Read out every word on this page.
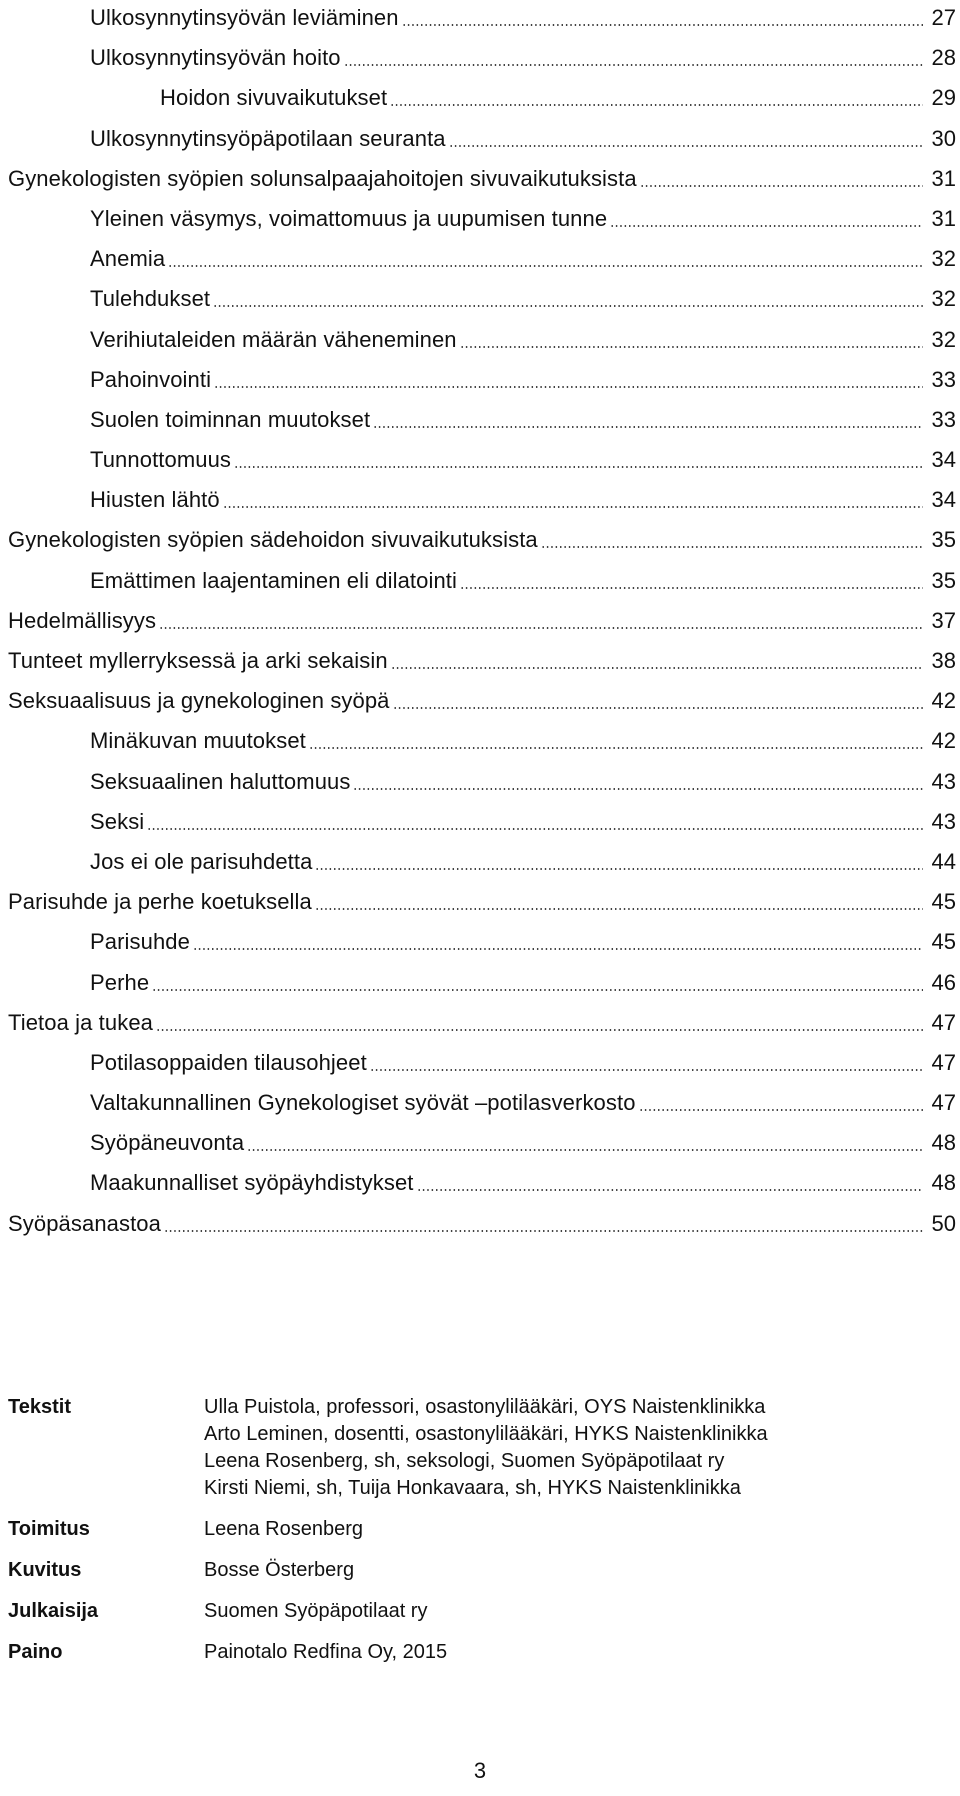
Ulkosynnytinsyövän leviäminen	27
Ulkosynnytinsyövän hoito	28
Hoidon sivuvaikutukset	29
Ulkosynnytinsyöpäpotilaan seuranta	30
Gynekologisten syöpien solunsalpaajahoitojen sivuvaikutuksista	31
Yleinen väsymys, voimattomuus ja uupumisen tunne	31
Anemia	32
Tulehdukset	32
Verihiutaleiden määrän väheneminen	32
Pahoinvointi	33
Suolen toiminnan muutokset	33
Tunnottomuus	34
Hiusten lähtö	34
Gynekologisten syöpien sädehoidon sivuvaikutuksista	35
Emättimen laajentaminen eli dilatointi	35
Hedelmällisyys	37
Tunteet myllerryksessä ja arki sekaisin	38
Seksuaalisuus ja gynekologinen syöpä	42
Minäkuvan muutokset	42
Seksuaalinen haluttomuus	43
Seksi	43
Jos ei ole parisuhdetta	44
Parisuhde ja perhe koetuksella	45
Parisuhde	45
Perhe	46
Tietoa ja tukea	47
Potilasoppaiden tilausohjeet	47
Valtakunnallinen Gynekologiset syövät –potilasverkosto	47
Syöpäneuvonta	48
Maakunnalliset syöpäyhdistykset	48
Syöpäsanastoa	50
Tekstit	Ulla Puistola, professori, osastonylilääkäri, OYS Naistenklinikka
Arto Leminen, dosentti, osastonylilääkäri, HYKS Naistenklinikka
Leena Rosenberg, sh, seksologi, Suomen Syöpäpotilaat ry
Kirsti Niemi, sh, Tuija Honkavaara, sh, HYKS Naistenklinikka
Toimitus	Leena Rosenberg
Kuvitus	Bosse Österberg
Julkaisija	Suomen Syöpäpotilaat ry
Paino	Painotalo Redfina Oy, 2015
3
